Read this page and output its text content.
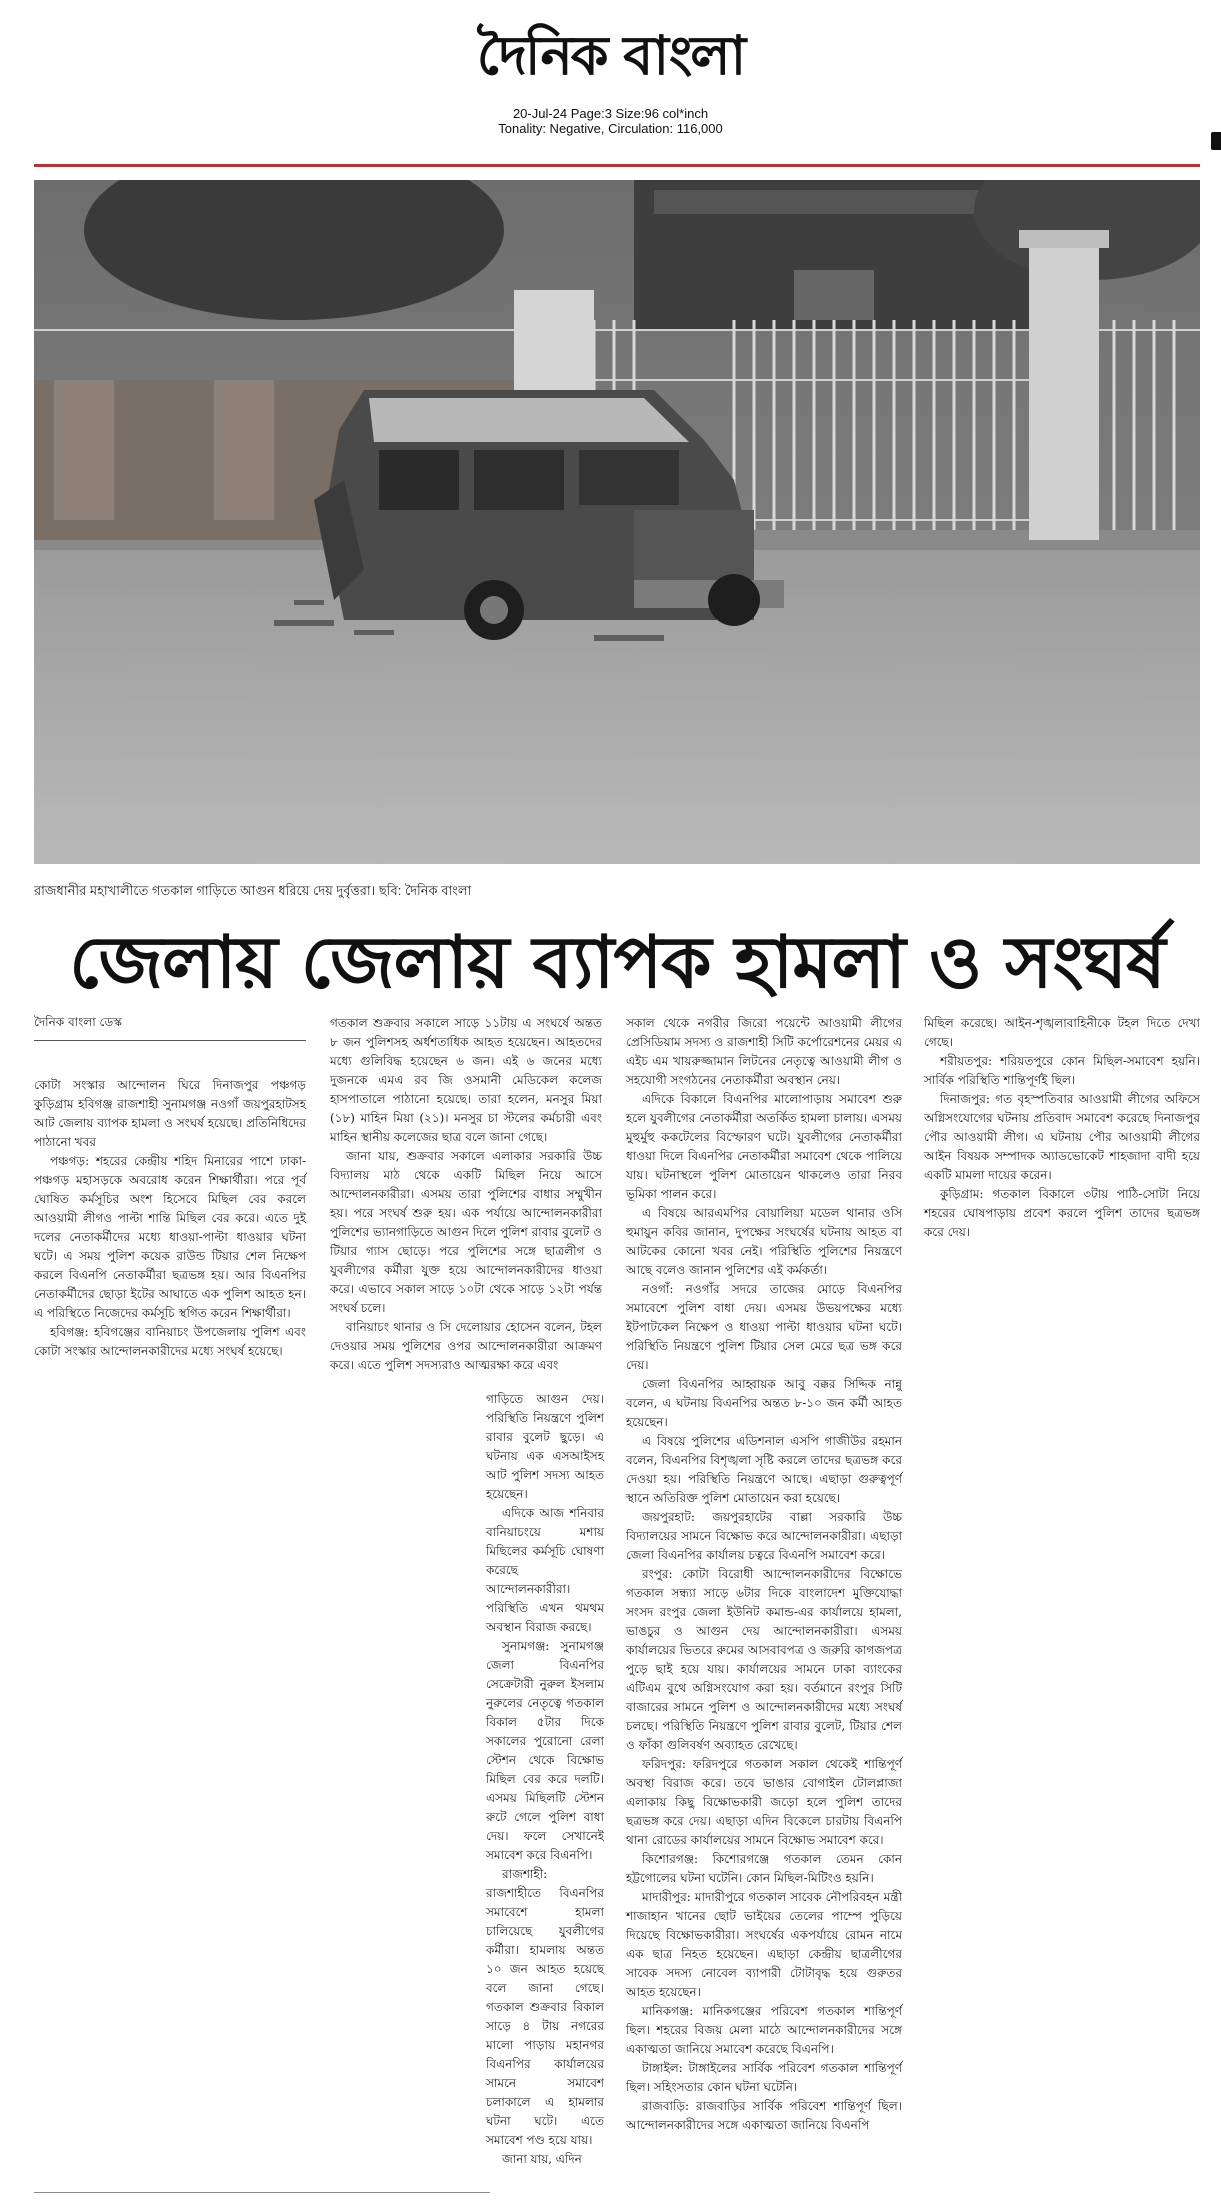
দৈনিক বাংলা
20-Jul-24 Page:3 Size:96 col*inch
Tonality: Negative, Circulation: 116,000
রাজধানীর মহাখালীতে গতকাল গাড়িতে আগুন ধরিয়ে দেয় দুর্বৃত্তরা। ছবি: দৈনিক বাংলা
জেলায় জেলায় ব্যাপক হামলা ও সংঘর্ষ
দৈনিক বাংলা ডেস্ক

কোটা সংস্কার আন্দোলন ঘিরে দিনাজপুর পঞ্চগড় কুড়িগ্রাম হবিগঞ্জ রাজশাহী সুনামগঞ্জ নওগাঁ জয়পুরহাটসহ আট জেলায় ব্যাপক হামলা ও সংঘর্ষ হয়েছে। প্রতিনিধিদের পাঠানো খবর

পঞ্চগড়: শহরের কেন্দ্রীয় শহিদ মিনারের পাশে ঢাকা-পঞ্চগড় মহাসড়কে অবরোধ করেন শিক্ষার্থীরা। পরে পূর্ব ঘোষিত কর্মসূচির অংশ হিসেবে মিছিল বের করলে আওয়ামী লীগও পাল্টা শান্তি মিছিল বের করে। এতে দুই দলের নেতাকর্মীদের মধ্যে ধাওয়া-পাল্টা ধাওয়ার ঘটনা ঘটে। এ সময় পুলিশ কয়েক রাউন্ড টিয়ার শেল নিক্ষেপ করলে বিএনপি নেতাকর্মীরা ছত্রভঙ্গ হয়। আর বিএনপির নেতাকর্মীদের ছোড়া ইটের আঘাতে এক পুলিশ আহত হন। এ পরিস্থিতে নিজেদের কর্মসূচি স্থগিত করেন শিক্ষার্থীরা।

হবিগঞ্জ: হবিগঞ্জের বানিয়াচং উপজেলায় পুলিশ এবং কোটা সংস্কার আন্দোলনকারীদের মধ্যে সংঘর্ষ হয়েছে।

গতকাল শুক্রবার সকালে সাড়ে ১১টায় এ সংঘর্ষে অন্তত ৮ জন পুলিশসহ অর্ধশতাধিক আহত হয়েছেন। আহতদের মধ্যে গুলিবিদ্ধ হয়েছেন ৬ জন। এই ৬ জনের মধ্যে দুজনকে এমএ রব জি ওসমানী মেডিকেল কলেজ হাসপাতালে পাঠানো হয়েছে। তারা হলেন, মনসুর মিয়া (১৮) মাহিন মিয়া (২১)। মনসুর চা স্টলের কর্মচারী এবং মাহিন স্থানীয় কলেজের ছাত্র বলে জানা গেছে।

জানা যায়, শুক্রবার সকালে এলাকার সরকারি উচ্চ বিদ্যালয় মাঠ থেকে একটি মিছিল নিয়ে আসে আন্দোলনকারীরা। এসময় তারা পুলিশের বাধার সম্মুখীন হয়। পরে সংঘর্ষ শুরু হয়। এক পর্যায়ে আন্দোলনকারীরা পুলিশের ভ্যানগাড়িতে আগুন দিলে পুলিশ রাবার বুলেট ও টিয়ার গ্যাস ছোড়ে। পরে পুলিশের সঙ্গে ছাত্রলীগ ও যুবলীগের কর্মীরা যুক্ত হয়ে আন্দোলনকারীদের ধাওয়া করে। এভাবে সকাল সাড়ে ১০টা থেকে সাড়ে ১২টা পর্যন্ত সংঘর্ষ চলে।

বানিয়াচং থানার ও সি দেলোয়ার হোসেন বলেন, টহল দেওয়ার সময় পুলিশের ওপর আন্দোলনকারীরা আক্রমণ করে। এতে পুলিশ সদস্যরাও আত্মরক্ষা করে এবং

গাড়িতে আগুন দেয়। পরিস্থিতি নিয়ন্ত্রণে পুলিশ রাবার বুলেট ছুড়ে। এ ঘটনায় এক এসআইসহ আট পুলিশ সদস্য আহত হয়েছেন।

এদিকে আজ শনিবার বানিয়াচংয়ে মশায় মিছিলের কর্মসূচি ঘোষণা করেছে আন্দোলনকারীরা। পরিস্থিতি এখন থমথম অবস্থান বিরাজ করছে।

সুনামগঞ্জ: সুনামগঞ্জ জেলা বিএনপির সেক্রেটারী নুরুল ইসলাম নুরুলের নেতৃত্বে গতকাল বিকাল ৫টার দিকে সকালের পুরোনো রেলা স্টেশন থেকে বিক্ষোভ মিছিল বের করে দলটি। এসময় মিছিলটি স্টেশন রুটে গেলে পুলিশ বাধা দেয়। ফলে সেখানেই সমাবেশ করে বিএনপি।

রাজশাহী: রাজশাহীতে বিএনপির সমাবেশে হামলা চালিয়েছে যুবলীগের কর্মীরা। হামলায় অন্তত ১০ জন আহত হয়েছে বলে জানা গেছে। গতকাল শুক্রবার বিকাল সাড়ে ৪ টায় নগরের মালো পাড়ায় মহানগর বিএনপির কার্যালয়ের সামনে সমাবেশ চলাকালে এ হামলার ঘটনা ঘটে। এতে সমাবেশ পণ্ড হয়ে যায়।

জানা যায়, এদিন

সকাল থেকে নগরীর জিরো পয়েন্টে আওয়ামী লীগের প্রেসিডিয়াম সদস্য ও রাজশাহী সিটি কর্পোরেশনের মেয়র এ এইচ এম খায়রুজ্জামান লিটনের নেতৃত্বে আওয়ামী লীগ ও সহযোগী সংগঠনের নেতাকর্মীরা অবস্থান নেয়।

এদিকে বিকালে বিএনপির মালোপাড়ায় সমাবেশ শুরু হলে যুবলীগের নেতাকর্মীরা অতর্কিত হামলা চালায়। এসময় মুহুর্মুহু ককটেলের বিস্ফোরণ ঘটে। যুবলীগের নেতাকর্মীরা ধাওয়া দিলে বিএনপির নেতাকর্মীরা সমাবেশ থেকে পালিয়ে যায়। ঘটনাস্থলে পুলিশ মোতায়েন থাকলেও তারা নিরব ভূমিকা পালন করে।

এ বিষয়ে আরএমপির বোয়ালিয়া মডেল থানার ওসি হুমায়ুন কবির জানান, দুপক্ষের সংঘর্ষের ঘটনায় আহত বা আটকের কোনো খবর নেই। পরিস্থিতি পুলিশের নিয়ন্ত্রণে আছে বলেও জানান পুলিশের এই কর্মকর্তা।

নওগাঁ: নওগাঁর সদরে তাজের মোড়ে বিএনপির সমাবেশে পুলিশ বাধা দেয়। এসময় উভয়পক্ষের মধ্যে ইটপাটকেল নিক্ষেপ ও ধাওয়া পাল্টা ধাওয়ার ঘটনা ঘটে। পরিস্থিতি নিয়ন্ত্রণে পুলিশ টিয়ার সেল মেরে ছত্র ভঙ্গ করে দেয়।

জেলা বিএনপির আহ্বায়ক আবু বক্কর সিদ্দিক নান্নু বলেন, এ ঘটনায় বিএনপির অন্তত ৮-১০ জন কর্মী আহত হয়েছেন।

এ বিষয়ে পুলিশের এডিশনাল এসপি গাজীউর রহমান বলেন, বিএনপির বিশৃঙ্খলা সৃষ্টি করলে তাদের ছত্রভঙ্গ করে দেওয়া হয়। পরিস্থিতি নিয়ন্ত্রণে আছে। এছাড়া গুরুত্বপূর্ণ স্থানে অতিরিক্ত পুলিশ মোতায়েন করা হয়েছে।

জয়পুরহাট: জয়পুরহাটের বাল্লা সরকারি উচ্চ বিদ্যালয়ের সামনে বিক্ষোভ করে আন্দোলনকারীরা। এছাড়া জেলা বিএনপির কার্যালয় চত্বরে বিএনপি সমাবেশ করে।

রংপুর: কোটা বিরোধী আন্দোলনকারীদের বিক্ষোভে গতকাল সন্ধ্যা সাড়ে ৬টার দিকে বাংলাদেশ মুক্তিযোদ্ধা সংসদ রংপুর জেলা ইউনিট কমান্ড-এর কার্যালয়ে হামলা, ভাঙচুর ও আগুন দেয় আন্দোলনকারীরা। এসময় কার্যালয়ের ভিতরে রুমের আসবাবপত্র ও জরুরি কাগজপত্র পুড়ে ছাই হয়ে যায়। কার্যালয়ের সামনে ঢাকা ব্যাংকের এটিএম বুথে অগ্নিসংযোগ করা হয়। বর্তমানে রংপুর সিটি বাজারের সামনে পুলিশ ও আন্দোলনকারীদের মধ্যে সংঘর্ষ চলছে। পরিস্থিতি নিয়ন্ত্রণে পুলিশ রাবার বুলেট, টিয়ার শেল ও ফাঁকা গুলিবর্ষণ অব্যাহত রেখেছে।

ফরিদপুর: ফরিদপুরে গতকাল সকাল থেকেই শান্তিপূর্ণ অবস্থা বিরাজ করে। তবে ভাঙার বোগাইল টোলপ্লাজা এলাকায় কিছু বিক্ষোভকারী জড়ো হলে পুলিশ তাদের ছত্রভঙ্গ করে দেয়। এছাড়া এদিন বিকেলে চারটায় বিএনপি থানা রোডের কার্যালয়ের সামনে বিক্ষোভ সমাবেশ করে।

কিশোরগঞ্জ: কিশোরগঞ্জে গতকাল তেমন কোন হট্টগোলের ঘটনা ঘটেনি। কোন মিছিল-মিটিংও হয়নি।

মাদারীপুর: মাদারীপুরে গতকাল সাবেক নৌপরিবহন মন্ত্রী শাজাহান খানের ছোট ভাইয়ের তেলের পাম্পে পুড়িয়ে দিয়েছে বিক্ষোভকারীরা। সংঘর্ষের একপর্যায়ে রোমন নামে এক ছাত্র নিহত হয়েছেন। এছাড়া কেন্দ্রীয় ছাত্রলীগের সাবেক সদস্য নোবেল ব্যাপারী টোটাবৃদ্ধ হয়ে গুরুতর আহত হয়েছেন।

মানিকগঞ্জ: মানিকগঞ্জের পরিবেশ গতকাল শান্তিপূর্ণ ছিল। শহরের বিজয় মেলা মাঠে আন্দোলনকারীদের সঙ্গে একাত্মতা জানিয়ে সমাবেশ করেছে বিএনপি।

টাঙ্গাইল: টাঙ্গাইলের সার্বিক পরিবেশ গতকাল শান্তিপূর্ণ ছিল। সহিংসতার কোন ঘটনা ঘটেনি।

রাজবাড়ি: রাজবাড়ির সার্বিক পরিবেশ শান্তিপূর্ণ ছিল। আন্দোলনকারীদের সঙ্গে একাত্মতা জানিয়ে বিএনপি

মিছিল করেছে। আইন-শৃঙ্খলাবাহিনীকে টহল দিতে দেখা গেছে।

শরীয়তপুর: শরিয়তপুরে কোন মিছিল-সমাবেশ হয়নি। সার্বিক পরিস্থিতি শান্তিপূর্ণই ছিল।

দিনাজপুর: গত বৃহস্পতিবার আওয়ামী লীগের অফিসে অগ্নিসংযোগের ঘটনায় প্রতিবাদ সমাবেশ করেছে দিনাজপুর পৌর আওয়ামী লীগ। এ ঘটনায় পৌর আওয়ামী লীগের আইন বিষয়ক সম্পাদক অ্যাডভোকেট শাহজাদা বাদী হয়ে একটি মামলা দায়ের করেন।

কুড়িগ্রাম: গতকাল বিকালে ৩টায় পাঠি-সোটা নিয়ে শহরের ঘোষপাড়ায় প্রবেশ করলে পুলিশ তাদের ছত্রভঙ্গ করে দেয়।
